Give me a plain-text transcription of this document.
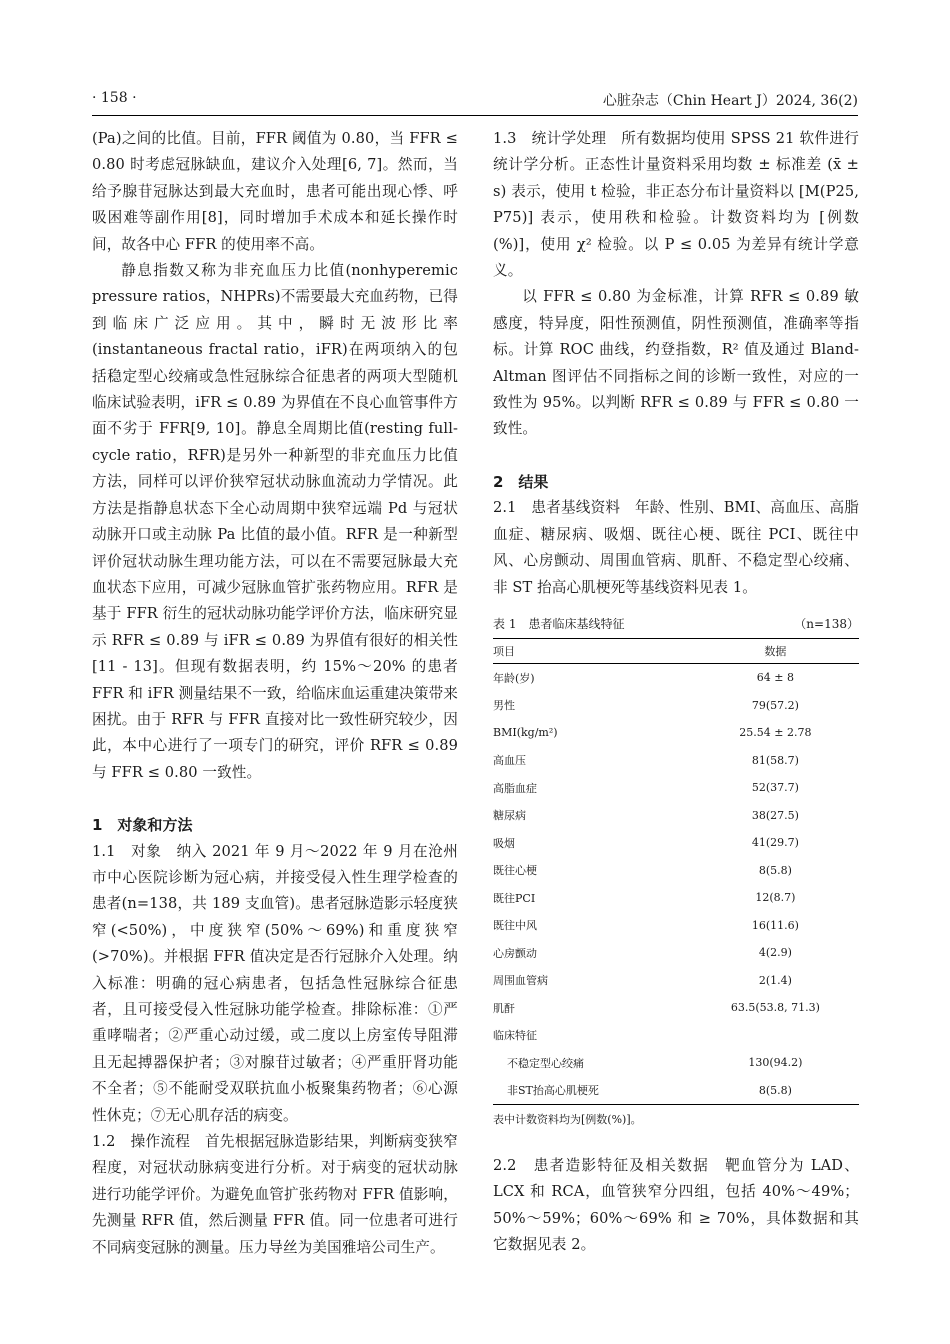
· 158 ·	心脏杂志（Chin Heart J）2024, 36(2)

(Pa)之间的比值。目前，FFR 阈值为 0.80，当 FFR ≤ 0.80 时考虑冠脉缺血，建议介入处理[6, 7]。然而，当给予腺苷冠脉达到最大充血时，患者可能出现心悸、呼吸困难等副作用[8]，同时增加手术成本和延长操作时间，故各中心 FFR 的使用率不高。

静息指数又称为非充血压力比值(nonhyperemic pressure ratios，NHPRs)不需要最大充血药物，已得到临床广泛应用。其中，瞬时无波形比率(instantaneous fractal ratio，iFR)在两项纳入的包括稳定型心绞痛或急性冠脉综合征患者的两项大型随机临床试验表明，iFR ≤ 0.89 为界值在不良心血管事件方面不劣于 FFR[9, 10]。静息全周期比值(resting full-cycle ratio，RFR)是另外一种新型的非充血压力比值方法，同样可以评价狭窄冠状动脉血流动力学情况。此方法是指静息状态下全心动周期中狭窄远端 Pd 与冠状动脉开口或主动脉 Pa 比值的最小值。RFR 是一种新型评价冠状动脉生理功能方法，可以在不需要冠脉最大充血状态下应用，可减少冠脉血管扩张药物应用。RFR 是基于 FFR 衍生的冠状动脉功能学评价方法，临床研究显示 RFR ≤ 0.89 与 iFR ≤ 0.89 为界值有很好的相关性[11 - 13]。但现有数据表明，约 15%～20% 的患者 FFR 和 iFR 测量结果不一致，给临床血运重建决策带来困扰。由于 RFR 与 FFR 直接对比一致性研究较少，因此，本中心进行了一项专门的研究，评价 RFR ≤ 0.89 与 FFR ≤ 0.80 一致性。

1　对象和方法

1.1　对象　纳入 2021 年 9 月～2022 年 9 月在沧州市中心医院诊断为冠心病，并接受侵入性生理学检查的患者(n=138，共 189 支血管)。患者冠脉造影示轻度狭窄(<50%)，中度狭窄(50%～69%)和重度狭窄(>70%)。并根据 FFR 值决定是否行冠脉介入处理。纳入标准：明确的冠心病患者，包括急性冠脉综合征患者，且可接受侵入性冠脉功能学检查。排除标准：①严重哮喘者；②严重心动过缓，或二度以上房室传导阻滞且无起搏器保护者；③对腺苷过敏者；④严重肝肾功能不全者；⑤不能耐受双联抗血小板聚集药物者；⑥心源性休克；⑦无心肌存活的病变。

1.2　操作流程　首先根据冠脉造影结果，判断病变狭窄程度，对冠状动脉病变进行分析。对于病变的冠状动脉进行功能学评价。为避免血管扩张药物对 FFR 值影响，先测量 RFR 值，然后测量 FFR 值。同一位患者可进行不同病变冠脉的测量。压力导丝为美国雅培公司生产。

1.3　统计学处理　所有数据均使用 SPSS 21 软件进行统计学分析。正态性计量资料采用均数 ± 标准差 (x̄ ± s) 表示，使用 t 检验，非正态分布计量资料以 [M(P25, P75)] 表示，使用秩和检验。计数资料均为 [例数(%)]，使用 χ² 检验。以 P ≤ 0.05 为差异有统计学意义。

以 FFR ≤ 0.80 为金标准，计算 RFR ≤ 0.89 敏感度，特异度，阳性预测值，阴性预测值，准确率等指标。计算 ROC 曲线，约登指数，R² 值及通过 Bland-Altman 图评估不同指标之间的诊断一致性，对应的一致性为 95%。以判断 RFR ≤ 0.89 与 FFR ≤ 0.80 一致性。

2　结果

2.1　患者基线资料　年龄、性别、BMI、高血压、高脂血症、糖尿病、吸烟、既往心梗、既往 PCI、既往中风、心房颤动、周围血管病、肌酐、不稳定型心绞痛、非 ST 抬高心肌梗死等基线资料见表 1。

表 1　患者临床基线特征	（n=138）
项目	数据
年龄(岁)	64 ± 8
男性	79(57.2)
BMI(kg/m²)	25.54 ± 2.78
高血压	81(58.7)
高脂血症	52(37.7)
糖尿病	38(27.5)
吸烟	41(29.7)
既往心梗	8(5.8)
既往PCI	12(8.7)
既往中风	16(11.6)
心房颤动	4(2.9)
周围血管病	2(1.4)
肌酐	63.5(53.8, 71.3)
临床特征	
不稳定型心绞痛	130(94.2)
非ST抬高心肌梗死	8(5.8)
表中计数资料均为[例数(%)]。

2.2　患者造影特征及相关数据　靶血管分为 LAD、LCX 和 RCA，血管狭窄分四组，包括 40%～49%；50%～59%；60%～69% 和 ≥ 70%，具体数据和其它数据见表 2。
